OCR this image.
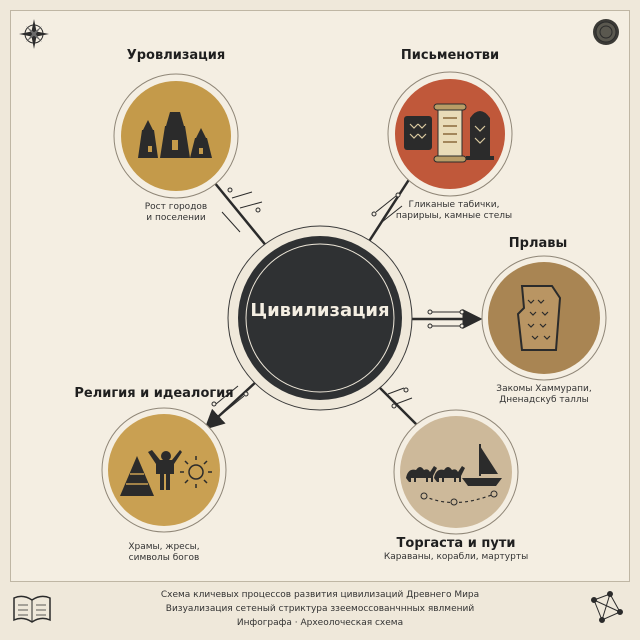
Цивилизация
Уровлизация
Рост городов
и поселении
Письменотви
Гликаные табички,
парирыы, камные стелы
Прлавы
Закомы Хаммурапи,
Дненадскуб таллы
Религия и идеалогия
Храмы, жресы,
символы богов
Торгаста и пути
Караваны, корабли, мартурты
Схема кличевых процессов развития цивилизаций Древнего Мира
Визуализация сетеный стриктура ззеемоссованчнных явлмений
Инфографа · Археолоческая схема
